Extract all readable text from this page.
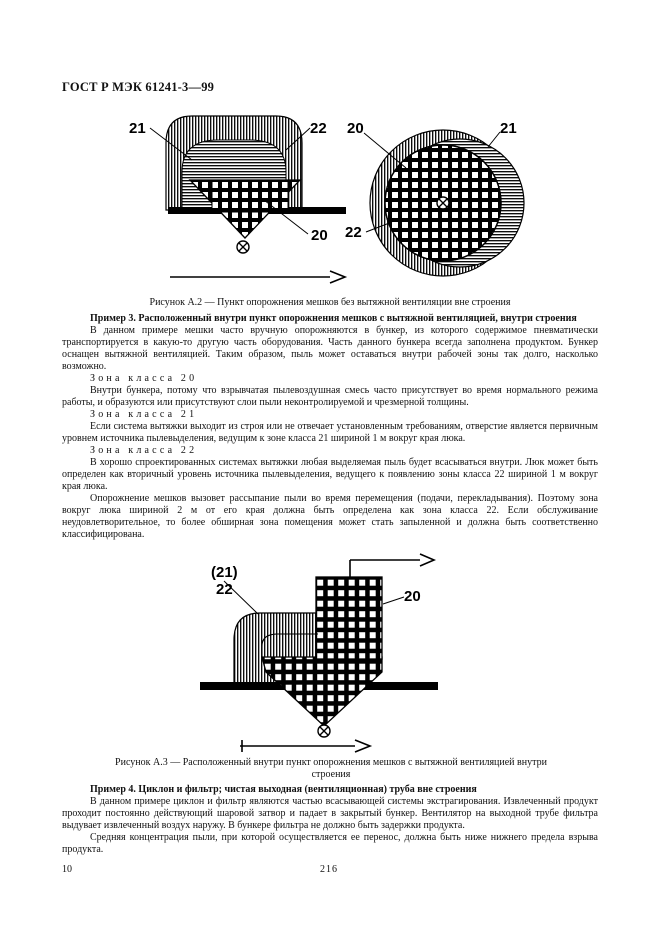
ГОСТ Р МЭК 61241-3—99
21	22
20
20	21
22
Рисунок А.2 — Пункт опорожнения мешков без вытяжной вентиляции вне строения

Пример 3. Расположенный внутри пункт опорожнения мешков с вытяжной вентиляцией, внутри строения

В данном примере мешки часто вручную опорожняются в бункер, из которого содержимое пневматически транспортируется в какую-то другую часть оборудования. Часть данного бункера всегда заполнена продуктом. Бункер оснащен вытяжной вентиляцией. Таким образом, пыль может оставаться внутри рабочей зоны так долго, насколько возможно.

Зона класса 20

Внутри бункера, потому что взрывчатая пылевоздушная смесь часто присутствует во время нормального режима работы, и образуются или присутствуют слои пыли неконтролируемой и чрезмерной толщины.

Зона класса 21

Если система вытяжки выходит из строя или не отвечает установленным требованиям, отверстие является первичным уровнем источника пылевыделения, ведущим к зоне класса 21 шириной 1 м вокруг края люка.

Зона класса 22

В хорошо спроектированных системах вытяжки любая выделяемая пыль будет всасываться внутри. Люк может быть определен как вторичный уровень источника пылевыделения, ведущего к появлению зоны класса 22 шириной 1 м вокруг края люка.

Опорожнение мешков вызовет рассыпание пыли во время перемещения (подачи, перекладывания). Поэтому зона вокруг люка шириной 2 м от его края должна быть определена как зона класса 22. Если обслуживание неудовлетворительное, то более обширная зона помещения может стать запыленной и должна быть соответственно классифицирована.

(21)
22	20
Рисунок А.3 — Расположенный внутри пункт опорожнения мешков с вытяжной вентиляцией внутри
строения

Пример 4. Циклон и фильтр; чистая выходная (вентиляционная) труба вне строения

В данном примере циклон и фильтр являются частью всасывающей системы экстрагирования. Извлеченный продукт проходит постоянно действующий шаровой затвор и падает в закрытый бункер. Вентилятор на выходной трубе фильтра выдувает извлеченный воздух наружу. В бункере фильтра не должно быть задержки продукта.

Средняя концентрация пыли, при которой осуществляется ее перенос, должна быть ниже нижнего предела взрыва продукта.

10	216
